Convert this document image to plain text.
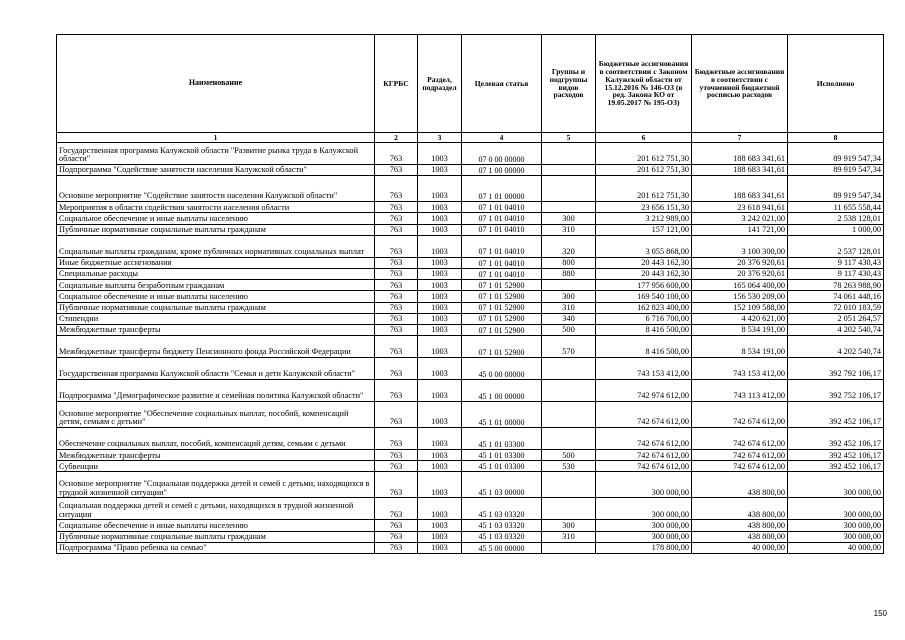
Наименование	КГРБС	Раздел, подраздел	Целевая статья	Группы и подгруппы видов расходов	Бюджетные ассигнования в соответствии с Законом Калужской области от 15.12.2016 № 146-ОЗ (в ред. Закона КО от 19.05.2017 № 195-ОЗ)	Бюджетные ассигнования в соответствии с уточненной бюджетной росписью расходов	Исполнено
1	2	3	4	5	6	7	8
Государственная программа Калужской области "Развитие рынка труда в Калужской области"	763	1003	07 0 00 00000		201 612 751,30	188 683 341,61	89 919 547,34
Подпрограмма "Содействие занятости населения Калужской области"	763	1003	07 1 00 00000		201 612 751,30	188 683 341,61	89 919 547,34
Основное мероприятие "Содействие занятости населения Калужской области"	763	1003	07 1 01 00000		201 612 751,30	188 683 341,61	89 919 547,34
Мероприятия в области содействия занятости населения области	763	1003	07 1 01 04010		23 656 151,30	23 618 941,61	11 655 558,44
Социальное обеспечение и иные выплаты населению	763	1003	07 1 01 04010	300	3 212 989,00	3 242 021,00	2 538 128,01
Публичные нормативные социальные выплаты гражданам	763	1003	07 1 01 04010	310	157 121,00	141 721,00	1 000,00
Социальные выплаты гражданам, кроме публичных нормативных социальных выплат	763	1003	07 1 01 04010	320	3 055 868,00	3 100 300,00	2 537 128,01
Иные бюджетные ассигнования	763	1003	07 1 01 04010	800	20 443 162,30	20 376 920,61	9 117 430,43
Специальные расходы	763	1003	07 1 01 04010	880	20 443 162,30	20 376 920,61	9 117 430,43
Социальные выплаты безработным гражданам	763	1003	07 1 01 52900		177 956 600,00	165 064 400,00	78 263 988,90
Социальное обеспечение и иные выплаты населению	763	1003	07 1 01 52900	300	169 540 100,00	156 530 209,00	74 061 448,16
Публичные нормативные социальные выплаты гражданам	763	1003	07 1 01 52900	310	162 823 400,00	152 109 588,00	72 010 183,59
Стипендии	763	1003	07 1 01 52900	340	6 716 700,00	4 420 621,00	2 051 264,57
Межбюджетные трансферты	763	1003	07 1 01 52900	500	8 416 500,00	8 534 191,00	4 202 540,74
Межбюджетные трансферты бюджету Пенсионного фонда Российской Федерации	763	1003	07 1 01 52900	570	8 416 500,00	8 534 191,00	4 202 540,74
Государственная программа Калужской области "Семья и дети Калужской области"	763	1003	45 0 00 00000		743 153 412,00	743 153 412,00	392 792 106,17
Подпрограмма "Демографическое развитие и семейная политика Калужской области"	763	1003	45 1 00 00000		742 974 612,00	743 113 412,00	392 752 106,17
Основное мероприятие "Обеспечение социальных выплат, пособий, компенсаций детям, семьям с детьми"	763	1003	45 1 01 00000		742 674 612,00	742 674 612,00	392 452 106,17
Обеспечение социальных выплат, пособий, компенсаций детям, семьям с детьми	763	1003	45 1 01 03300		742 674 612,00	742 674 612,00	392 452 106,17
Межбюджетные трансферты	763	1003	45 1 01 03300	500	742 674 612,00	742 674 612,00	392 452 106,17
Субвенции	763	1003	45 1 01 03300	530	742 674 612,00	742 674 612,00	392 452 106,17
Основное мероприятие "Социальная поддержка детей и семей с детьми, находящихся в трудной жизненной ситуации"	763	1003	45 1 03 00000		300 000,00	438 800,00	300 000,00
Социальная поддержка детей и семей с детьми, находящихся в трудной жизненной ситуации	763	1003	45 1 03 03320		300 000,00	438 800,00	300 000,00
Социальное обеспечение и иные выплаты населению	763	1003	45 1 03 03320	300	300 000,00	438 800,00	300 000,00
Публичные нормативные социальные выплаты гражданам	763	1003	45 1 03 03320	310	300 000,00	438 800,00	300 000,00
Подпрограмма "Право ребенка на семью"	763	1003	45 5 00 00000		178 800,00	40 000,00	40 000,00
150
